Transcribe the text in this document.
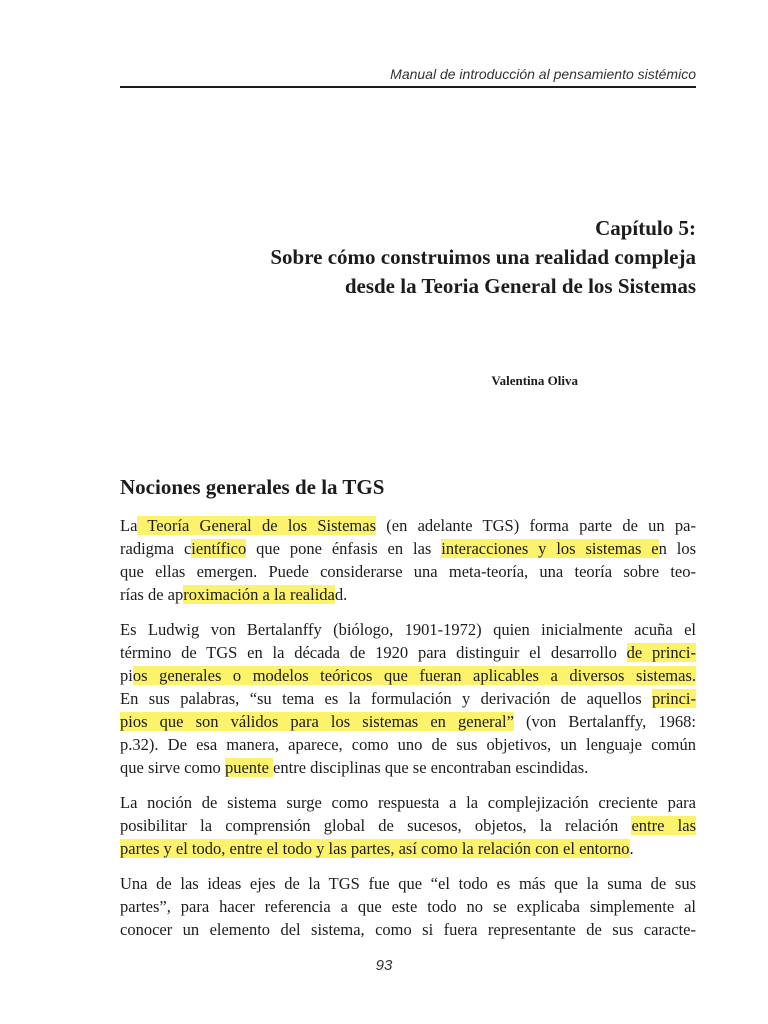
Manual de introducción al pensamiento sistémico
Capítulo 5:
Sobre cómo construimos una realidad compleja
desde la Teoria General de los Sistemas
Valentina Oliva
Nociones generales de la TGS

La Teoría General de los Sistemas (en adelante TGS) forma parte de un pa-
radigma científico que pone énfasis en las interacciones y los sistemas en los
que ellas emergen. Puede considerarse una meta-teoría, una teoría sobre teo-
rías de aproximación a la realidad.

Es Ludwig von Bertalanffy (biólogo, 1901-1972) quien inicialmente acuña el
término de TGS en la década de 1920 para distinguir el desarrollo de princi-
pios generales o modelos teóricos que fueran aplicables a diversos sistemas.
En sus palabras, “su tema es la formulación y derivación de aquellos princi-
pios que son válidos para los sistemas en general” (von Bertalanffy, 1968:
p.32). De esa manera, aparece, como uno de sus objetivos, un lenguaje común
que sirve como puente entre disciplinas que se encontraban escindidas.

La noción de sistema surge como respuesta a la complejización creciente para
posibilitar la comprensión global de sucesos, objetos, la relación entre las
partes y el todo, entre el todo y las partes, así como la relación con el entorno.

Una de las ideas ejes de la TGS fue que “el todo es más que la suma de sus
partes”, para hacer referencia a que este todo no se explicaba simplemente al
conocer un elemento del sistema, como si fuera representante de sus caracte-

93
